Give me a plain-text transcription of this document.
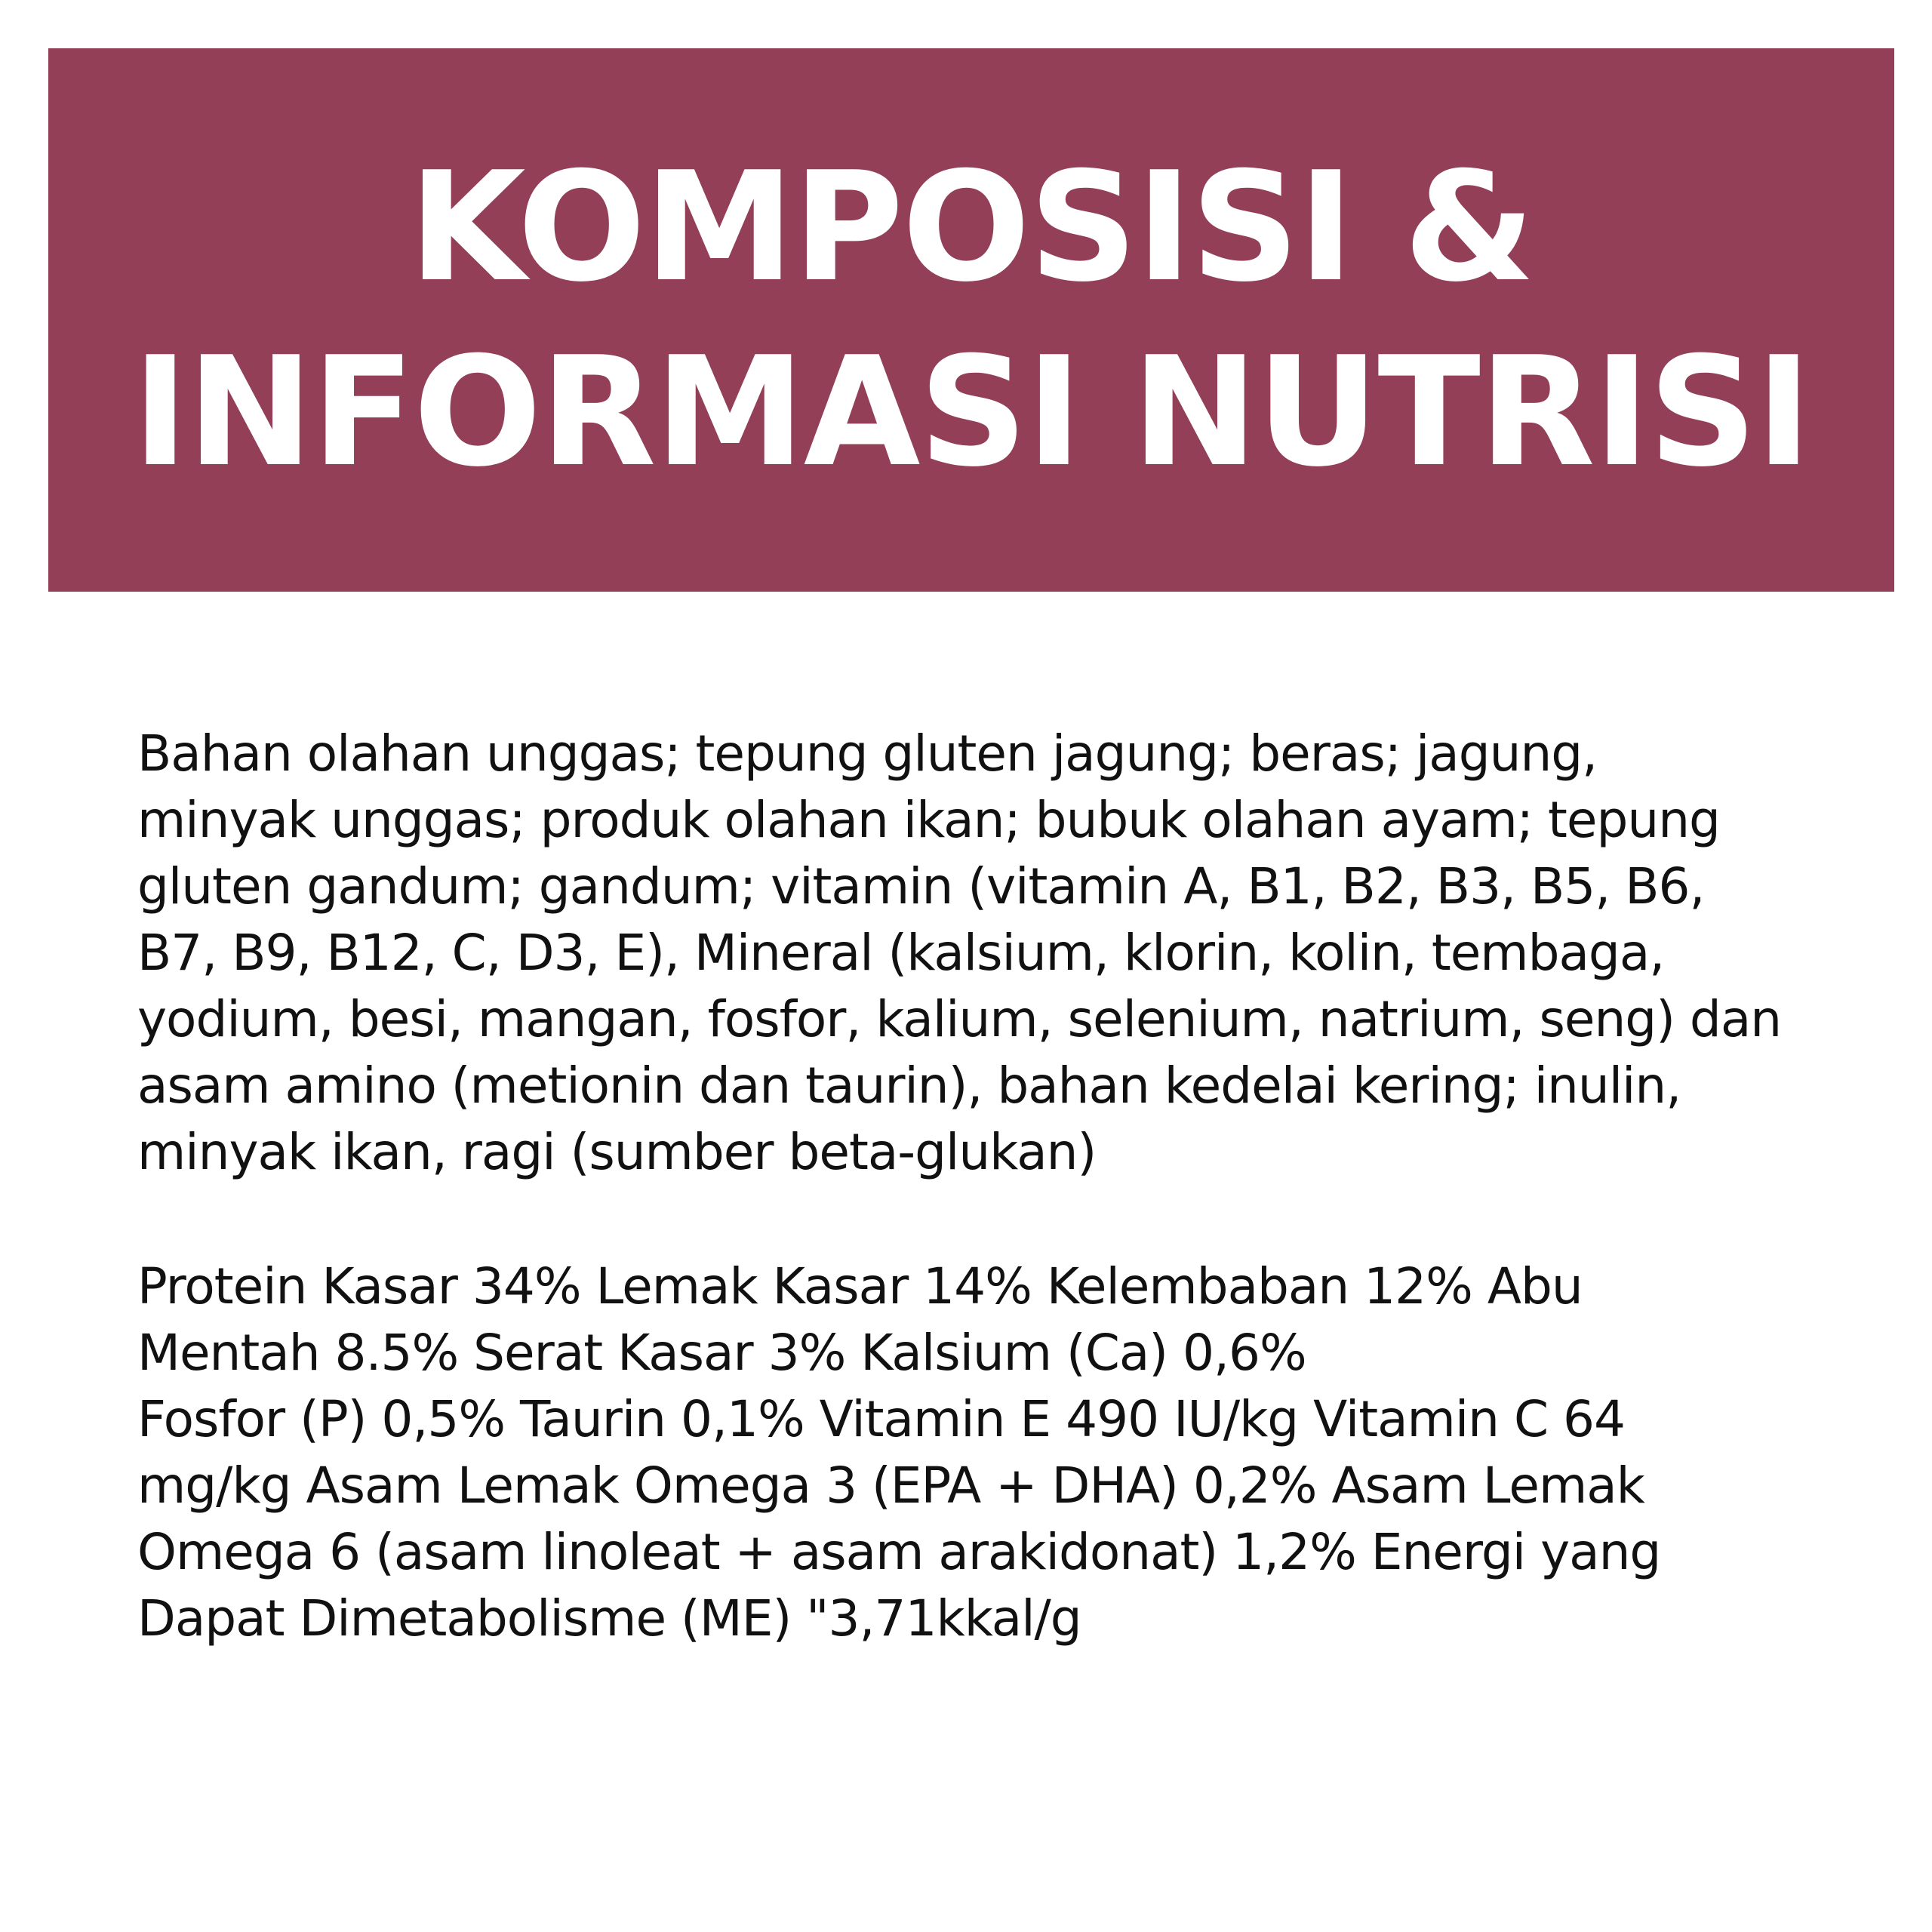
KOMPOSISI &
INFORMASI NUTRISI
Bahan olahan unggas; tepung gluten jagung; beras; jagung,
minyak unggas; produk olahan ikan; bubuk olahan ayam; tepung
gluten gandum; gandum; vitamin (vitamin A, B1, B2, B3, B5, B6,
B7, B9, B12, C, D3, E), Mineral (kalsium, klorin, kolin, tembaga,
yodium, besi, mangan, fosfor, kalium, selenium, natrium, seng) dan
asam amino (metionin dan taurin), bahan kedelai kering; inulin,
minyak ikan, ragi (sumber beta-glukan)
Protein Kasar 34% Lemak Kasar 14% Kelembaban 12% Abu
Mentah 8.5% Serat Kasar 3% Kalsium (Ca) 0,6%
Fosfor (P) 0,5% Taurin 0,1% Vitamin E 490 IU/kg Vitamin C 64
mg/kg Asam Lemak Omega 3 (EPA + DHA) 0,2% Asam Lemak
Omega 6 (asam linoleat + asam arakidonat) 1,2% Energi yang
Dapat Dimetabolisme (ME) "3,71kkal/g
